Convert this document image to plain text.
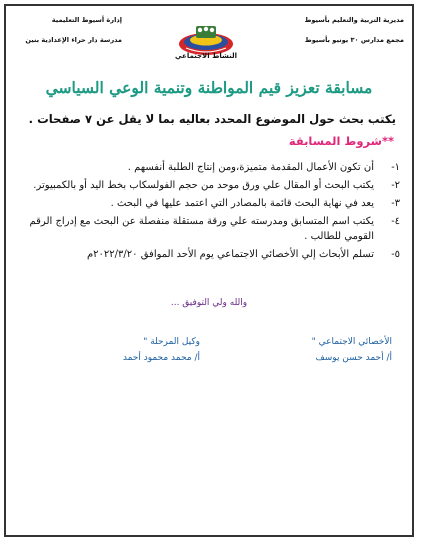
مديرية التربية والتعليم بأسيوط
مجمع مدارس ٣٠ يونيو بأسيوط
إدارة أسيوط التعليمية
مدرسة دار حراء الإعدادية بنين
النشاط الاجتماعي
مسابقة تعزيز قيم المواطنة وتنمية الوعي السياسي
يكتب بحث حول الموضوع المحدد بعاليه بما لا يقل عن ٧ صفحات .
**شروط المسابقة
١-
أن تكون الأعمال المقدمة متميزة،ومن إنتاج الطلبة أنفسهم .
٢-
يكتب البحث أو المقال علي ورق موحد من حجم الفولسكاب بخط اليد أو بالكمبيوتر.
٣-
يعد في نهاية البحث قائمة بالمصادر التي اعتمد عليها في البحث .
٤-
يكتب اسم المتسابق ومدرسته علي ورقة مستقلة منفصلة عن البحث مع إدراج الرقم القومي للطالب .
٥-
تسلم الأبحاث إلي الأخصائي الاجتماعي يوم الأحد الموافق ٢٠٢٢/٣/٢٠م
والله ولي التوفيق ...
الأخصائي الاجتماعي "
أ/ أحمد حسن يوسف
وكيل المرحلة "
أ/ محمد محمود أحمد
